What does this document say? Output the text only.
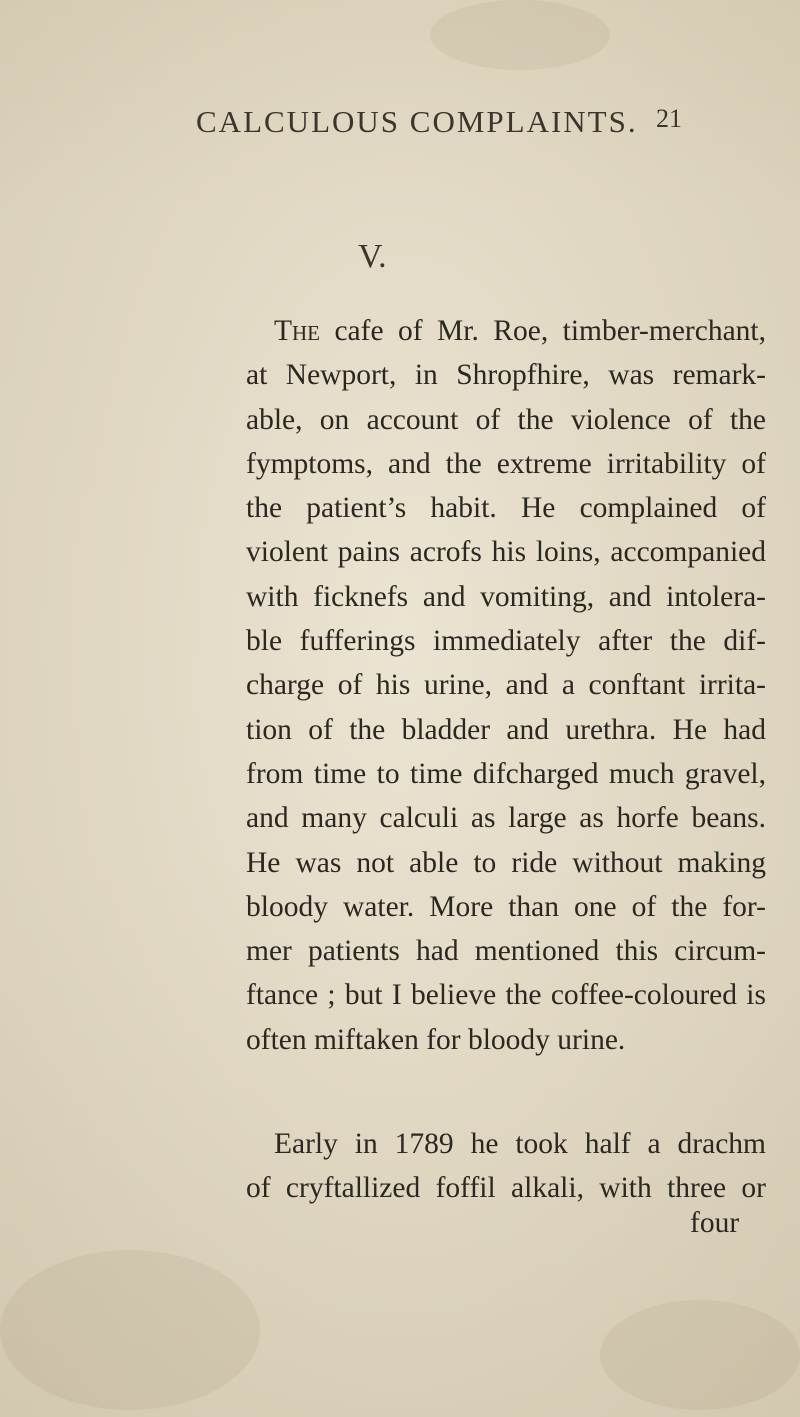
CALCULOUS COMPLAINTS. 21
V.
The cafe of Mr. Roe, timber-merchant,
at Newport, in Shropfhire, was remark-
able, on account of the violence of the
fymptoms, and the extreme irritability of
the patient’s habit. He complained of
violent pains acrofs his loins, accompanied
with ficknefs and vomiting, and intolera-
ble fufferings immediately after the dif-
charge of his urine, and a conftant irrita-
tion of the bladder and urethra. He had
from time to time difcharged much gravel,
and many calculi as large as horfe beans.
He was not able to ride without making
bloody water. More than one of the for-
mer patients had mentioned this circum-
ftance ; but I believe the coffee-coloured is
often miftaken for bloody urine.
Early in 1789 he took half a drachm
of cryftallized foffil alkali, with three or
four
